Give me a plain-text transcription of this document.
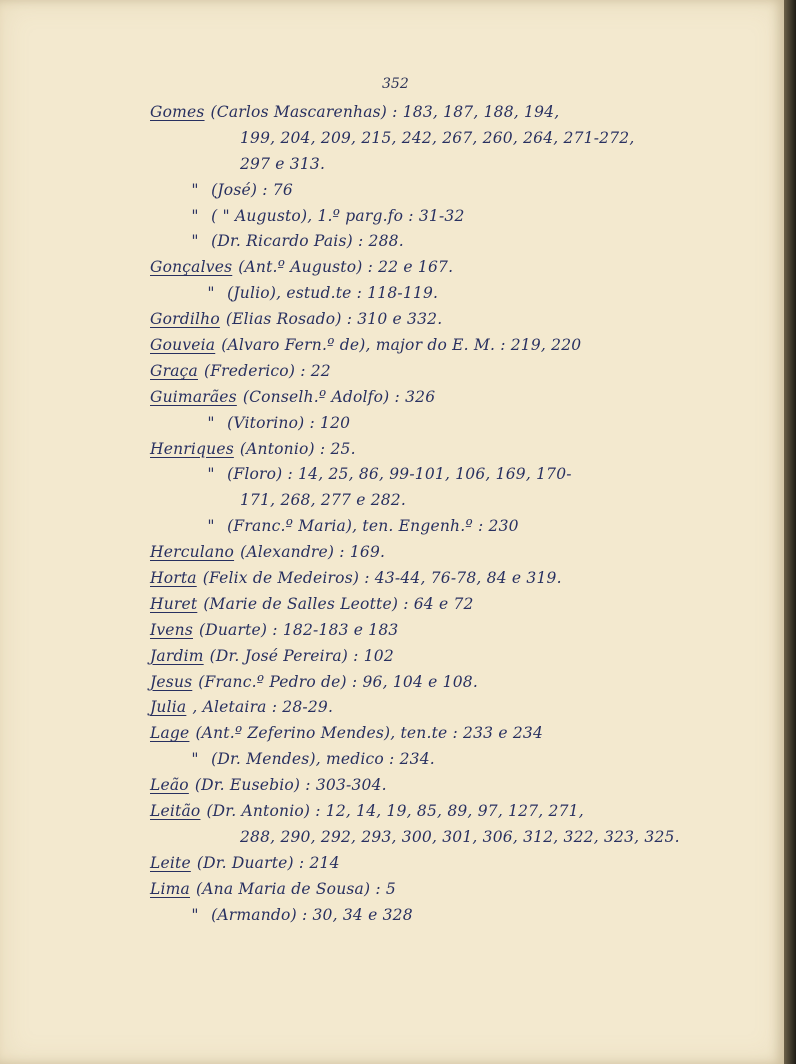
352
Gomes (Carlos Mascarenhas) : 183, 187, 188, 194,
199, 204, 209, 215, 242, 267, 260, 264, 271-272,
297 e 313.
" (José) : 76
" ( " Augusto), 1.º parg.fo : 31-32
" (Dr. Ricardo Pais) : 288.
Gonçalves (Ant.º Augusto) : 22 e 167.
" (Julio), estud.te : 118-119.
Gordilho (Elias Rosado) : 310 e 332.
Gouveia (Alvaro Fern.º de), major do E. M. : 219, 220
Graça (Frederico) : 22
Guimarães (Conselh.º Adolfo) : 326
" (Vitorino) : 120
Henriques (Antonio) : 25.
" (Floro) : 14, 25, 86, 99-101, 106, 169, 170-
171, 268, 277 e 282.
" (Franc.º Maria), ten. Engenh.º : 230
Herculano (Alexandre) : 169.
Horta (Felix de Medeiros) : 43-44, 76-78, 84 e 319.
Huret (Marie de Salles Leotte) : 64 e 72
Ivens (Duarte) : 182-183 e 183
Jardim (Dr. José Pereira) : 102
Jesus (Franc.º Pedro de) : 96, 104 e 108.
Julia , Aletaira : 28-29.
Lage (Ant.º Zeferino Mendes), ten.te : 233 e 234
" (Dr. Mendes), medico : 234.
Leão (Dr. Eusebio) : 303-304.
Leitão (Dr. Antonio) : 12, 14, 19, 85, 89, 97, 127, 271,
288, 290, 292, 293, 300, 301, 306, 312, 322, 323, 325.
Leite (Dr. Duarte) : 214
Lima (Ana Maria de Sousa) : 5
" (Armando) : 30, 34 e 328
